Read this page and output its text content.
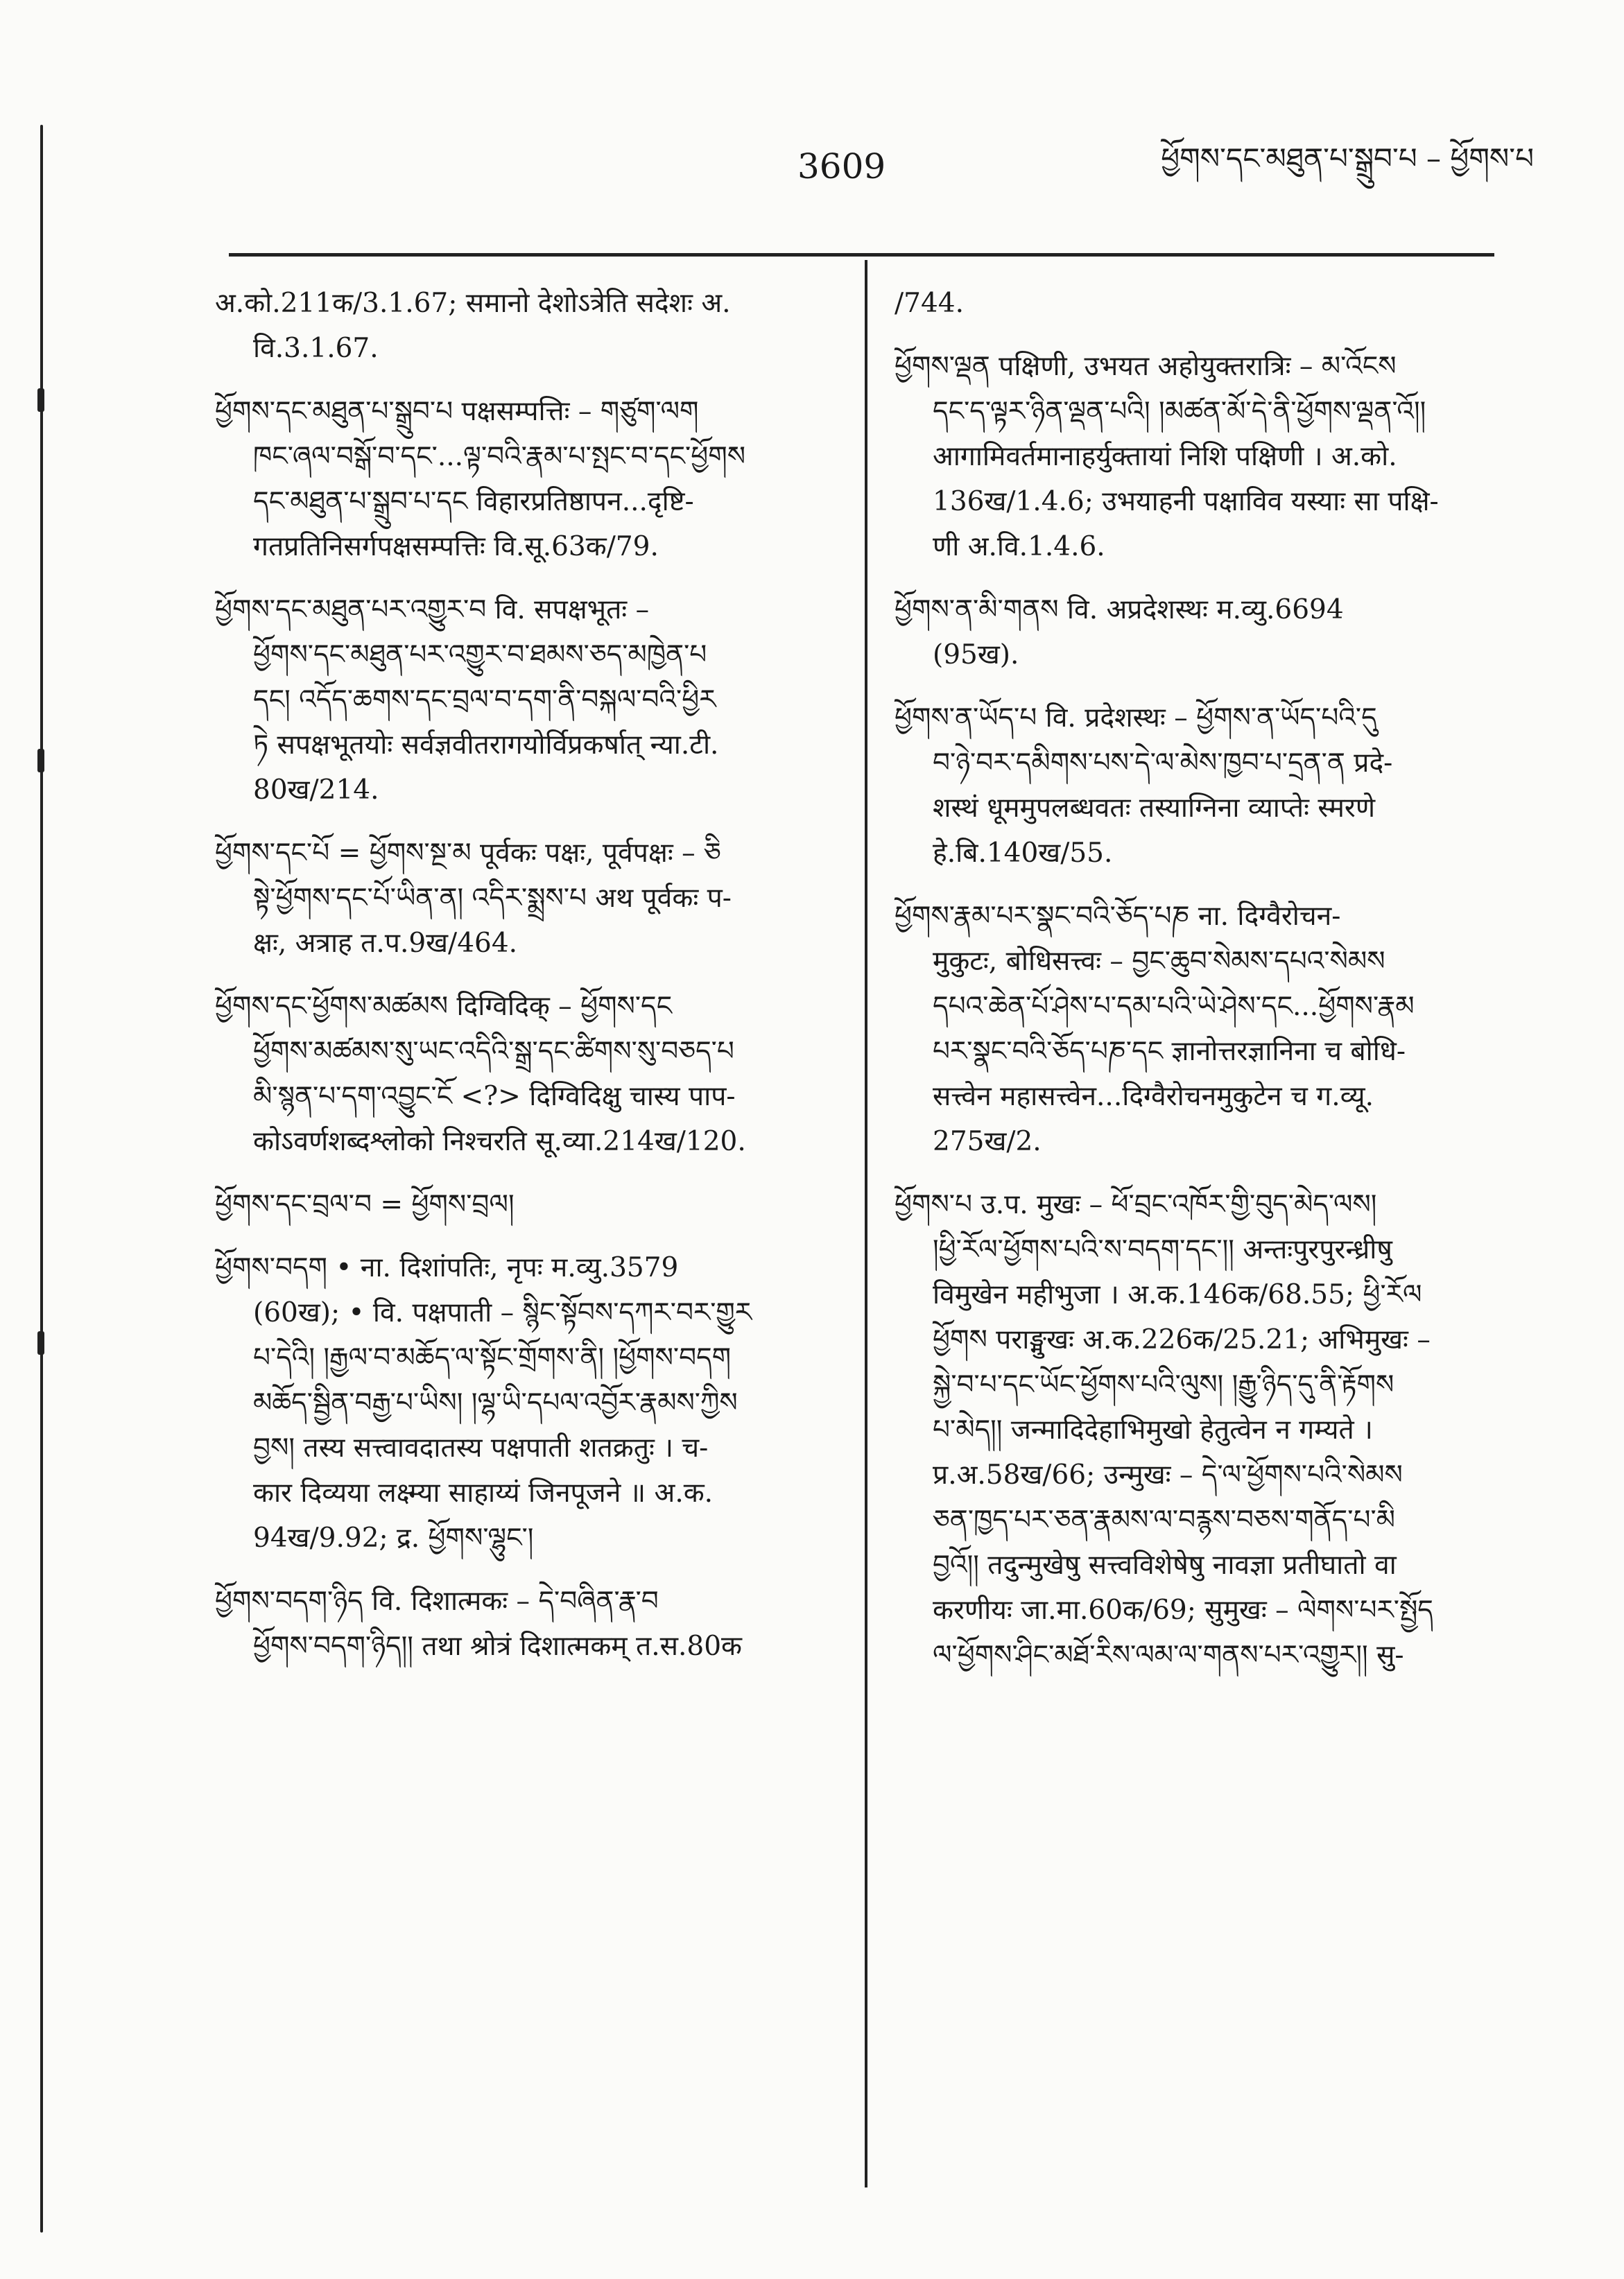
3609	ཕྱོགས་དང་མཐུན་པ་སྒྲུབ་པ – ཕྱོགས་པ
अ.को.211क/3.1.67; समानो देशोऽत्रेति सदेशः अ.
वि.3.1.67.
ཕྱོགས་དང་མཐུན་པ་སྒྲུབ་པ पक्षसम्पत्तिः – གཙུག་ལག
ཁང་ཞལ་བསྒོ་བ་དང་...ལྟ་བའི་རྣམ་པ་སྤང་བ་དང་ཕྱོགས
དང་མཐུན་པ་སྒྲུབ་པ་དང विहारप्रतिष्ठापन...दृष्टि-
गतप्रतिनिसर्गपक्षसम्पत्तिः वि.सू.63क/79.
ཕྱོགས་དང་མཐུན་པར་འགྱུར་བ वि. सपक्षभूतः –
ཕྱོགས་དང་མཐུན་པར་འགྱུར་བ་ཐམས་ཅད་མཁྱེན་པ
དང། འདོད་ཆགས་དང་བྲལ་བ་དག་ནི་བསྐལ་བའི་ཕྱིར
ཏེ सपक्षभूतयोः सर्वज्ञवीतरागयोर्विप्रकर्षात् न्या.टी.
80ख/214.
ཕྱོགས་དང་པོ = ཕྱོགས་སྔ་མ पूर्वकः पक्षः, पूर्वपक्षः – ཅི
སྟེ་ཕྱོགས་དང་པོ་ཡིན་ན། འདིར་སྨྲས་པ अथ पूर्वकः प-
क्षः, अत्राह त.प.9ख/464.
ཕྱོགས་དང་ཕྱོགས་མཚམས दिग्विदिक् – ཕྱོགས་དང
ཕྱོགས་མཚམས་སུ་ཡང་འདིའི་སྒྲ་དང་ཚིགས་སུ་བཅད་པ
མི་སྙན་པ་དག་འབྱུང་ངོ <?> दिग्विदिक्षु चास्य पाप-
कोऽवर्णशब्दश्लोको निश्चरति सू.व्या.214ख/120.
ཕྱོགས་དང་བྲལ་བ = ཕྱོགས་བྲལ།
ཕྱོགས་བདག • ना. दिशांपतिः, नृपः म.व्यु.3579
(60ख); • वि. पक्षपाती – སྙིང་སྟོབས་དཀར་བར་གྱུར
པ་དེའི། །རྒྱལ་བ་མཆོད་ལ་སྟོང་གྲོགས་ནི། །ཕྱོགས་བདག
མཆོད་སྦྱིན་བརྒྱ་པ་ཡིས། །ལྷ་ཡི་དཔལ་འབྱོར་རྣམས་ཀྱིས
བྱས། तस्य सत्त्वावदातस्य पक्षपाती शतक्रतुः । च-
कार दिव्यया लक्ष्म्या साहाय्यं जिनपूजने ॥ अ.क.
94ख/9.92; द्र. ཕྱོགས་ལྷུང་།
ཕྱོགས་བདག་ཉིད वि. दिशात्मकः – དེ་བཞིན་རྣ་བ
ཕྱོགས་བདག་ཉིད།། तथा श्रोत्रं दिशात्मकम् त.स.80क
/744.
ཕྱོགས་ལྡན पक्षिणी, उभयत अहोयुक्तरात्रिः – མ་འོངས
དང་ད་ལྟར་ཉིན་ལྡན་པའི། །མཚན་མོ་དེ་ནི་ཕྱོགས་ལྡན་འོ།།
आगामिवर्तमानाहर्युक्तायां निशि पक्षिणी । अ.को.
136ख/1.4.6; उभयाहनी पक्षाविव यस्याः सा पक्षि-
णी अ.वि.1.4.6.
ཕྱོགས་ན་མི་གནས वि. अप्रदेशस्थः म.व्यु.6694
(95ख).
ཕྱོགས་ན་ཡོད་པ वि. प्रदेशस्थः – ཕྱོགས་ན་ཡོད་པའི་དུ
བ་ཉེ་བར་དམིགས་པས་དེ་ལ་མེས་ཁྱབ་པ་དྲན་ན प्रदे-
शस्थं धूममुपलब्धवतः तस्याग्निना व्याप्तेः स्मरणे
हे.बि.140ख/55.
ཕྱོགས་རྣམ་པར་སྣང་བའི་ཅོད་པཎ ना. दिग्वैरोचन-
मुकुटः, बोधिसत्त्वः – བྱང་ཆུབ་སེམས་དཔའ་སེམས
དཔའ་ཆེན་པོ་ཤེས་པ་དམ་པའི་ཡེ་ཤེས་དང...ཕྱོགས་རྣམ
པར་སྣང་བའི་ཅོད་པཎ་དང ज्ञानोत्तरज्ञानिना च बोधि-
सत्त्वेन महासत्त्वेन...दिग्वैरोचनमुकुटेन च ग.व्यू.
275ख/2.
ཕྱོགས་པ उ.प. मुखः – ཕོ་བྲང་འཁོར་གྱི་བུད་མེད་ལས།
།ཕྱི་རོལ་ཕྱོགས་པའི་ས་བདག་དང་།། अन्तःपुरपुरन्ध्रीषु
विमुखेन महीभुजा । अ.क.146क/68.55; ཕྱི་རོལ
ཕྱོགས पराङ्मुखः अ.क.226क/25.21; अभिमुखः –
སྐྱེ་བ་པ་དང་ཡོང་ཕྱོགས་པའི་ལུས། །རྒྱུ་ཉིད་དུ་ནི་རྟོགས
པ་མེད།། जन्मादिदेहाभिमुखो हेतुत्वेन न गम्यते ।
प्र.अ.58ख/66; उन्मुखः – དེ་ལ་ཕྱོགས་པའི་སེམས
ཅན་ཁྱད་པར་ཅན་རྣམས་ལ་བརྙས་བཅས་གནོད་པ་མི
བྱའོ།། तदुन्मुखेषु सत्त्वविशेषेषु नावज्ञा प्रतीघातो वा
करणीयः जा.मा.60क/69; सुमुखः – ལེགས་པར་སྤྱོད
ལ་ཕྱོགས་ཤིང་མཐོ་རིས་ལམ་ལ་གནས་པར་འགྱུར།། सु-
